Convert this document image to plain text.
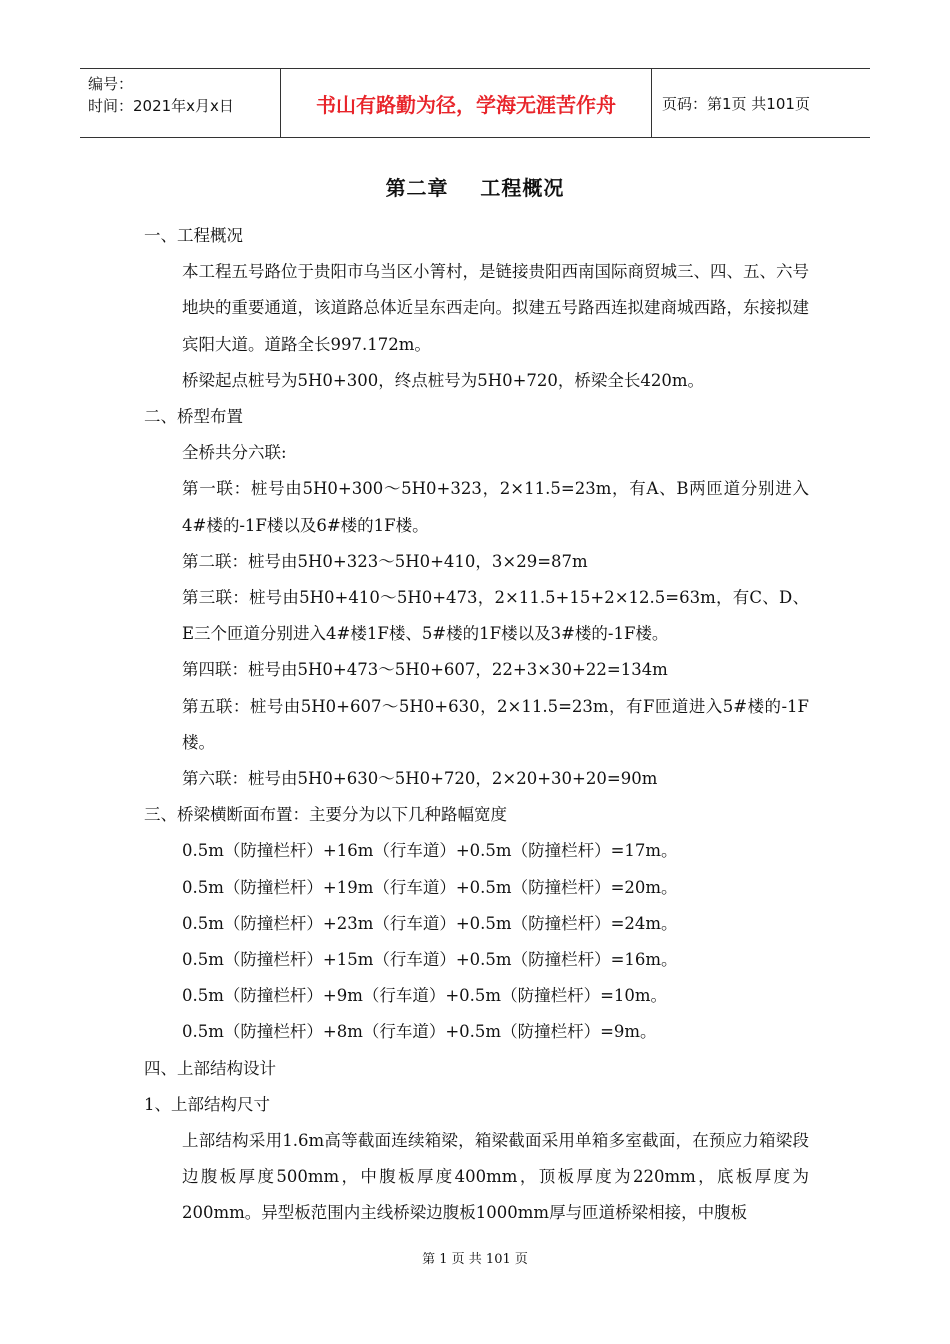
编号：
时间：2021年x月x日	书山有路勤为径，学海无涯苦作舟	页码：第1页 共101页
第二章    工程概况

一、工程概况

本工程五号路位于贵阳市乌当区小箐村，是链接贵阳西南国际商贸城三、四、五、六号地块的重要通道，该道路总体近呈东西走向。拟建五号路西连拟建商城西路，东接拟建宾阳大道。道路全长997.172m。

桥梁起点桩号为5H0+300，终点桩号为5H0+720，桥梁全长420m。

二、桥型布置

全桥共分六联:

第一联：桩号由5H0+300～5H0+323，2×11.5=23m，有A、B两匝道分别进入4#楼的-1F楼以及6#楼的1F楼。

第二联：桩号由5H0+323～5H0+410，3×29=87m

第三联：桩号由5H0+410～5H0+473，2×11.5+15+2×12.5=63m，有C、D、E三个匝道分别进入4#楼1F楼、5#楼的1F楼以及3#楼的-1F楼。

第四联：桩号由5H0+473～5H0+607，22+3×30+22=134m

第五联：桩号由5H0+607～5H0+630，2×11.5=23m，有F匝道进入5#楼的-1F楼。

第六联：桩号由5H0+630～5H0+720，2×20+30+20=90m

三、桥梁横断面布置：主要分为以下几种路幅宽度

0.5m（防撞栏杆）+16m（行车道）+0.5m（防撞栏杆）=17m。

0.5m（防撞栏杆）+19m（行车道）+0.5m（防撞栏杆）=20m。

0.5m（防撞栏杆）+23m（行车道）+0.5m（防撞栏杆）=24m。

0.5m（防撞栏杆）+15m（行车道）+0.5m（防撞栏杆）=16m。

0.5m（防撞栏杆）+9m（行车道）+0.5m（防撞栏杆）=10m。

0.5m（防撞栏杆）+8m（行车道）+0.5m（防撞栏杆）=9m。

四、上部结构设计

1、上部结构尺寸

上部结构采用1.6m高等截面连续箱梁，箱梁截面采用单箱多室截面，在预应力箱梁段边腹板厚度500mm，中腹板厚度400mm，顶板厚度为220mm，底板厚度为200mm。异型板范围内主线桥梁边腹板1000mm厚与匝道桥梁相接，中腹板

第 1 页 共 101 页
